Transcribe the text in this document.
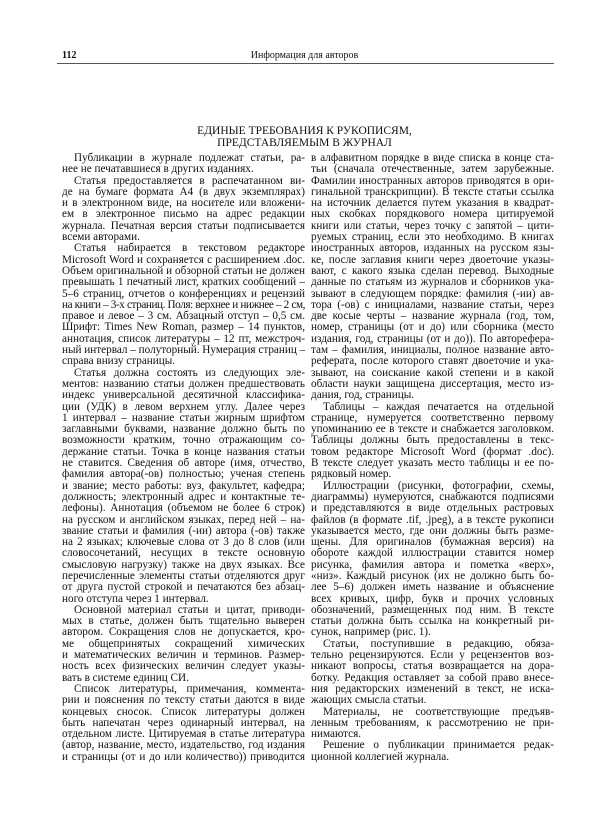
112	Информация для авторов
ЕДИНЫЕ ТРЕБОВАНИЯ К РУКОПИСЯМ,
ПРЕДСТАВЛЯЕМЫМ В ЖУРНАЛ
Публикации в журнале подлежат статьи, ра-
нее не печатавшиеся в других изданиях.
Статья предоставляется в распечатанном ви-
де на бумаге формата А4 (в двух экземплярах)
и в электронном виде, на носителе или вложени-
ем в электронное письмо на адрес редакции
журнала. Печатная версия статьи подписывается
всеми авторами.
Статья набирается в текстовом редакторе
Microsoft Word и сохраняется с расширением .doc.
Объем оригинальной и обзорной статьи не должен
превышать 1 печатный лист, кратких сообщений –
5–6 страниц, отчетов о конференциях и рецензий
на книги – 3-х страниц. Поля: верхнее и нижнее – 2 см,
правое и левое – 3 см. Абзацный отступ – 0,5 см.
Шрифт: Times New Roman, размер – 14 пунктов,
аннотация, список литературы – 12 пт, межстроч-
ный интервал – полуторный. Нумерация страниц –
справа внизу страницы.
Статья должна состоять из следующих эле-
ментов: названию статьи должен предшествовать
индекс универсальной десятичной классифика-
ции (УДК) в левом верхнем углу. Далее через
1 интервал – название статьи жирным шрифтом
заглавными буквами, название должно быть по
возможности кратким, точно отражающим со-
держание статьи. Точка в конце названия статьи
не ставится. Сведения об авторе (имя, отчество,
фамилия автора(-ов) полностью; ученая степень
и звание; место работы: вуз, факультет, кафедра;
должность; электронный адрес и контактные те-
лефоны). Аннотация (объемом не более 6 строк)
на русском и английском языках, перед ней – на-
звание статьи и фамилия (-ии) автора (-ов) также
на 2 языках; ключевые слова от 3 до 8 слов (или
словосочетаний, несущих в тексте основную
смысловую нагрузку) также на двух языках. Все
перечисленные элементы статьи отделяются друг
от друга пустой строкой и печатаются без абзац-
ного отступа через 1 интервал.
Основной материал статьи и цитат, приводи-
мых в статье, должен быть тщательно выверен
автором. Сокращения слов не допускается, кро-
ме общепринятых сокращений химических
и математических величин и терминов. Размер-
ность всех физических величин следует указы-
вать в системе единиц СИ.
Список литературы, примечания, коммента-
рии и пояснения по тексту статьи даются в виде
концевых сносок. Список литературы должен
быть напечатан через одинарный интервал, на
отдельном листе. Цитируемая в статье литература
(автор, название, место, издательство, год издания
и страницы (от и до или количество)) приводится
в алфавитном порядке в виде списка в конце ста-
тьи (сначала отечественные, затем зарубежные.
Фамилии иностранных авторов приводятся в ори-
гинальной транскрипции). В тексте статьи ссылка
на источник делается путем указания в квадрат-
ных скобках порядкового номера цитируемой
книги или статьи, через точку с запятой – цити-
руемых страниц, если это необходимо. В книгах
иностранных авторов, изданных на русском язы-
ке, после заглавия книги через двоеточие указы-
вают, с какого языка сделан перевод. Выходные
данные по статьям из журналов и сборников ука-
зывают в следующем порядке: фамилия (-ии) ав-
тора (-ов) с инициалами, название статьи, через
две косые черты – название журнала (год, том,
номер, страницы (от и до) или сборника (место
издания, год, страницы (от и до)). По авторефера-
там – фамилия, инициалы, полное название авто-
реферата, после которого ставят двоеточие и ука-
зывают, на соискание какой степени и в какой
области науки защищена диссертация, место из-
дания, год, страницы.
Таблицы – каждая печатается на отдельной
странице, нумеруется соответственно первому
упоминанию ее в тексте и снабжается заголовком.
Таблицы должны быть предоставлены в текс-
товом редакторе Microsoft Word (формат .doc).
В тексте следует указать место таблицы и ее по-
рядковый номер.
Иллюстрации (рисунки, фотографии, схемы,
диаграммы) нумеруются, снабжаются подписями
и представляются в виде отдельных растровых
файлов (в формате .tif, .jpeg), а в тексте рукописи
указывается место, где они должны быть разме-
щены. Для оригиналов (бумажная версия) на
обороте каждой иллюстрации ставится номер
рисунка, фамилия автора и пометка «верх»,
«низ». Каждый рисунок (их не должно быть бо-
лее 5–6) должен иметь название и объяснение
всех кривых, цифр, букв и прочих условных
обозначений, размещенных под ним. В тексте
статьи должна быть ссылка на конкретный ри-
сунок, например (рис. 1).
Статьи, поступившие в редакцию, обяза-
тельно рецензируются. Если у рецензентов воз-
никают вопросы, статья возвращается на дора-
ботку. Редакция оставляет за собой право внесе-
ния редакторских изменений в текст, не иска-
жающих смысла статьи.
Материалы, не соответствующие предъяв-
ленным требованиям, к рассмотрению не при-
нимаются.
Решение о публикации принимается редак-
ционной коллегией журнала.
